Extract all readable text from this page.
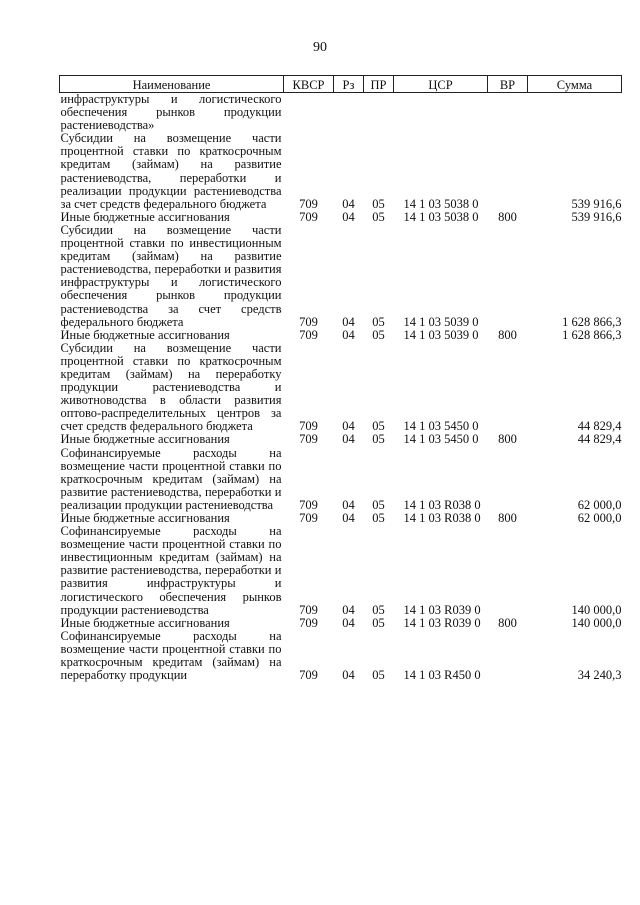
90
Наименование	КВСР	Рз	ПР	ЦСР	ВР	Сумма

инфраструктуры и логистического обеспечения рынков продукции растениеводства»						

Субсидии на возмещение части процентной ставки по краткосрочным кредитам (займам) на развитие растениеводства, переработки и реализации продукции растениеводства за счет средств федерального бюджета	709	04	05	14 1 03 5038 0		539 916,6

Иные бюджетные ассигнования	709	04	05	14 1 03 5038 0	800	539 916,6

Субсидии на возмещение части процентной ставки по инвестиционным кредитам (займам) на развитие растениеводства, переработки и развития инфраструктуры и логистического обеспечения рынков продукции растениеводства за счет средств федерального бюджета	709	04	05	14 1 03 5039 0		1 628 866,3

Иные бюджетные ассигнования	709	04	05	14 1 03 5039 0	800	1 628 866,3

Субсидии на возмещение части процентной ставки по краткосрочным кредитам (займам) на переработку продукции растениеводства и животноводства в области развития оптово-распределительных центров за счет средств федерального бюджета	709	04	05	14 1 03 5450 0		44 829,4

Иные бюджетные ассигнования	709	04	05	14 1 03 5450 0	800	44 829,4

Софинансируемые расходы на возмещение части процентной ставки по краткосрочным кредитам (займам) на развитие растениеводства, переработки и реализации продукции растениеводства	709	04	05	14 1 03 R038 0		62 000,0

Иные бюджетные ассигнования	709	04	05	14 1 03 R038 0	800	62 000,0

Софинансируемые расходы на возмещение части процентной ставки по инвестиционным кредитам (займам) на развитие растениеводства, переработки и развития инфраструктуры и логистического обеспечения рынков продукции растениеводства	709	04	05	14 1 03 R039 0		140 000,0

Иные бюджетные ассигнования	709	04	05	14 1 03 R039 0	800	140 000,0

Софинансируемые расходы на возмещение части процентной ставки по краткосрочным кредитам (займам) на переработку продукции	709	04	05	14 1 03 R450 0		34 240,3
